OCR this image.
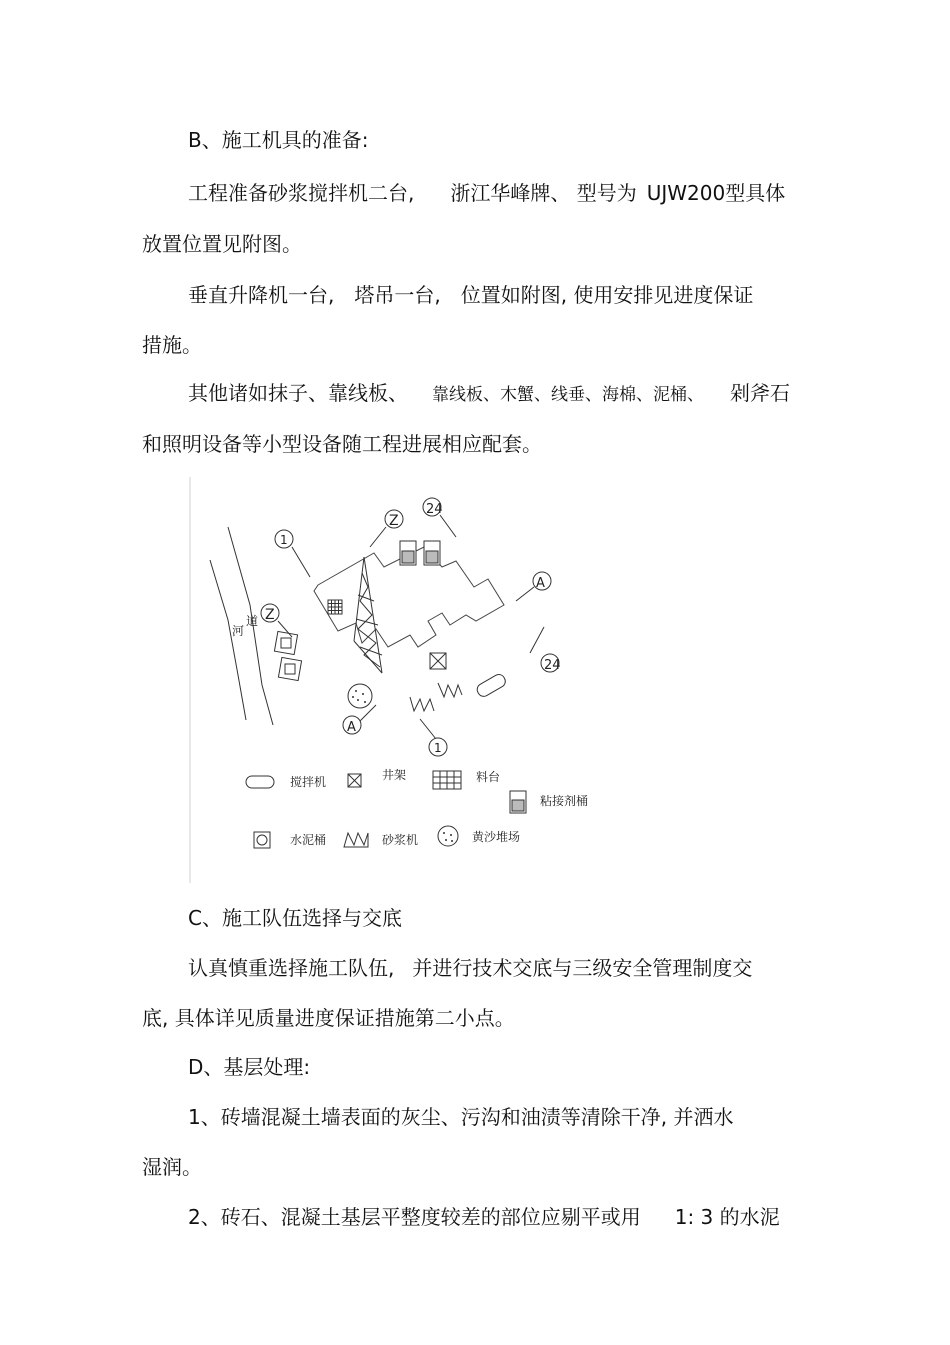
B、施工机具的准备:
工程准备砂浆搅拌机二台, 浙江华峰牌、 型号为 UJW200型具体
放置位置见附图。
垂直升降机一台, 塔吊一台, 位置如附图, 使用安排见进度保证
措施。
其他诸如抹子、靠线板、 靠线板、木蟹、线垂、海棉、泥桶、 剁斧石
和照明设备等小型设备随工程进展相应配套。
河
道
1
Z
24
A
24
Z
A
1
搅拌机	井架	料台
粘接剂桶
水泥桶	砂浆机	黄沙堆场
C、施工队伍选择与交底
认真慎重选择施工队伍, 并进行技术交底与三级安全管理制度交
底, 具体详见质量进度保证措施第二小点。
D、基层处理:
1、砖墙混凝土墙表面的灰尘、污沟和油渍等清除干净, 并洒水
湿润。
2、砖石、混凝土基层平整度较差的部位应剔平或用 1: 3 的水泥
